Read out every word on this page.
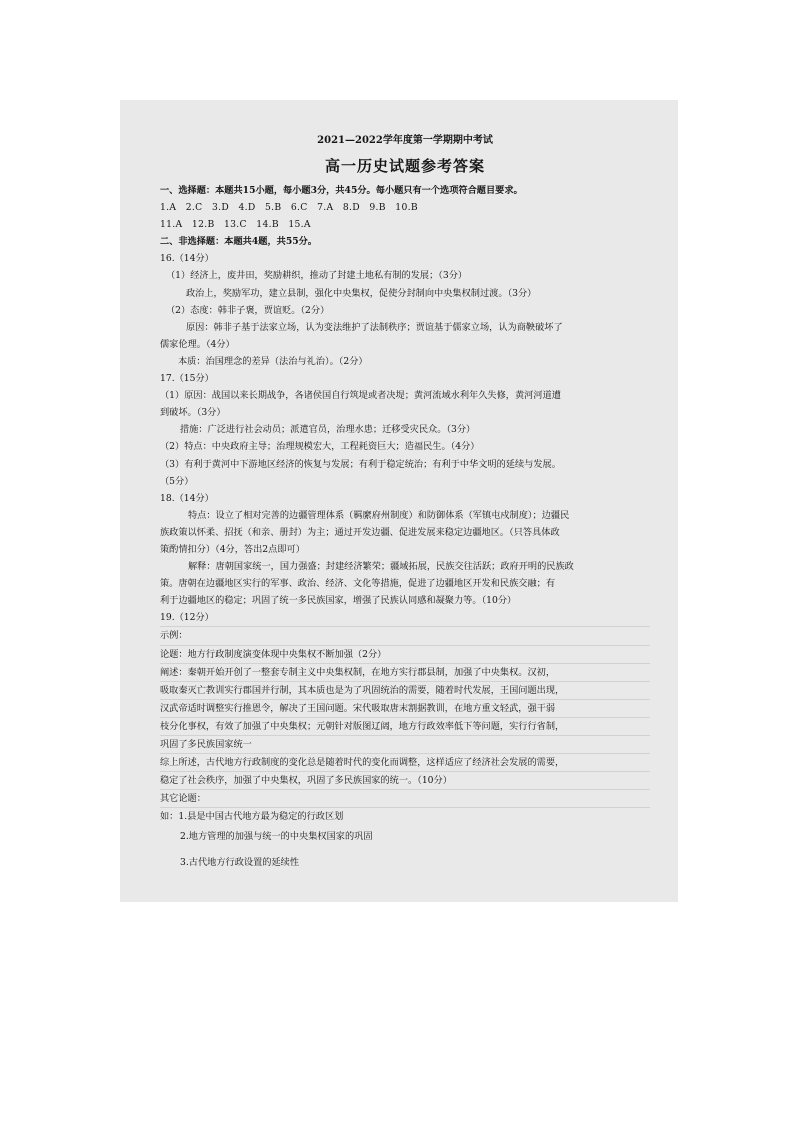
2021—2022学年度第一学期期中考试
高一历史试题参考答案
一、选择题：本题共15小题，每小题3分，共45分。每小题只有一个选项符合题目要求。
1.A　2.C　3.D　4.D　5.B　6.C　7.A　8.D　9.B　10.B
11.A　12.B　13.C　14.B　15.A
二、非选择题：本题共4题，共55分。
16.（14分）
（1）经济上，废井田，奖励耕织，推动了封建土地私有制的发展；（3分）
政治上，奖励军功，建立县制，强化中央集权，促使分封制向中央集权制过渡。（3分）
（2）态度：韩非子褒，贾谊贬。（2分）
原因：韩非子基于法家立场，认为变法维护了法制秩序；贾谊基于儒家立场，认为商鞅破坏了
儒家伦理。（4分）
本质：治国理念的差异（法治与礼治）。（2分）
17.（15分）
（1）原因：战国以来长期战争，各诸侯国自行筑堤或者决堤；黄河流域水利年久失修，黄河河道遭
到破坏。（3分）
措施：广泛进行社会动员；派遣官员，治理水患；迁移受灾民众。（3分）
（2）特点：中央政府主导；治理规模宏大，工程耗资巨大；造福民生。（4分）
（3）有利于黄河中下游地区经济的恢复与发展；有利于稳定统治；有利于中华文明的延续与发展。
（5分）
18.（14分）
特点：设立了相对完善的边疆管理体系（羁縻府州制度）和防御体系（军镇屯戍制度）；边疆民
族政策以怀柔、招抚（和亲、册封）为主；通过开发边疆、促进发展来稳定边疆地区。（只答具体政
策酌情扣分）（4分，答出2点即可）
解释：唐朝国家统一，国力强盛；封建经济繁荣；疆域拓展，民族交往活跃；政府开明的民族政
策。唐朝在边疆地区实行的军事、政治、经济、文化等措施，促进了边疆地区开发和民族交融；有
利于边疆地区的稳定；巩固了统一多民族国家，增强了民族认同感和凝聚力等。（10分）
19.（12分）
示例：
论题：地方行政制度演变体现中央集权不断加强（2分）
阐述：秦朝开始开创了一整套专制主义中央集权制，在地方实行郡县制，加强了中央集权。汉初，
吸取秦灭亡教训实行郡国并行制，其本质也是为了巩固统治的需要，随着时代发展，王国问题出现，
汉武帝适时调整实行推恩令，解决了王国问题。宋代吸取唐末割据教训，在地方重文轻武，强干弱
枝分化事权，有效了加强了中央集权；元朝针对版图辽阔，地方行政效率低下等问题，实行行省制，
巩固了多民族国家统一
综上所述，古代地方行政制度的变化总是随着时代的变化而调整，这样适应了经济社会发展的需要，
稳定了社会秩序，加强了中央集权，巩固了多民族国家的统一。（10分）
其它论题：
如：1.县是中国古代地方最为稳定的行政区划
2.地方管理的加强与统一的中央集权国家的巩固
3.古代地方行政设置的延续性
